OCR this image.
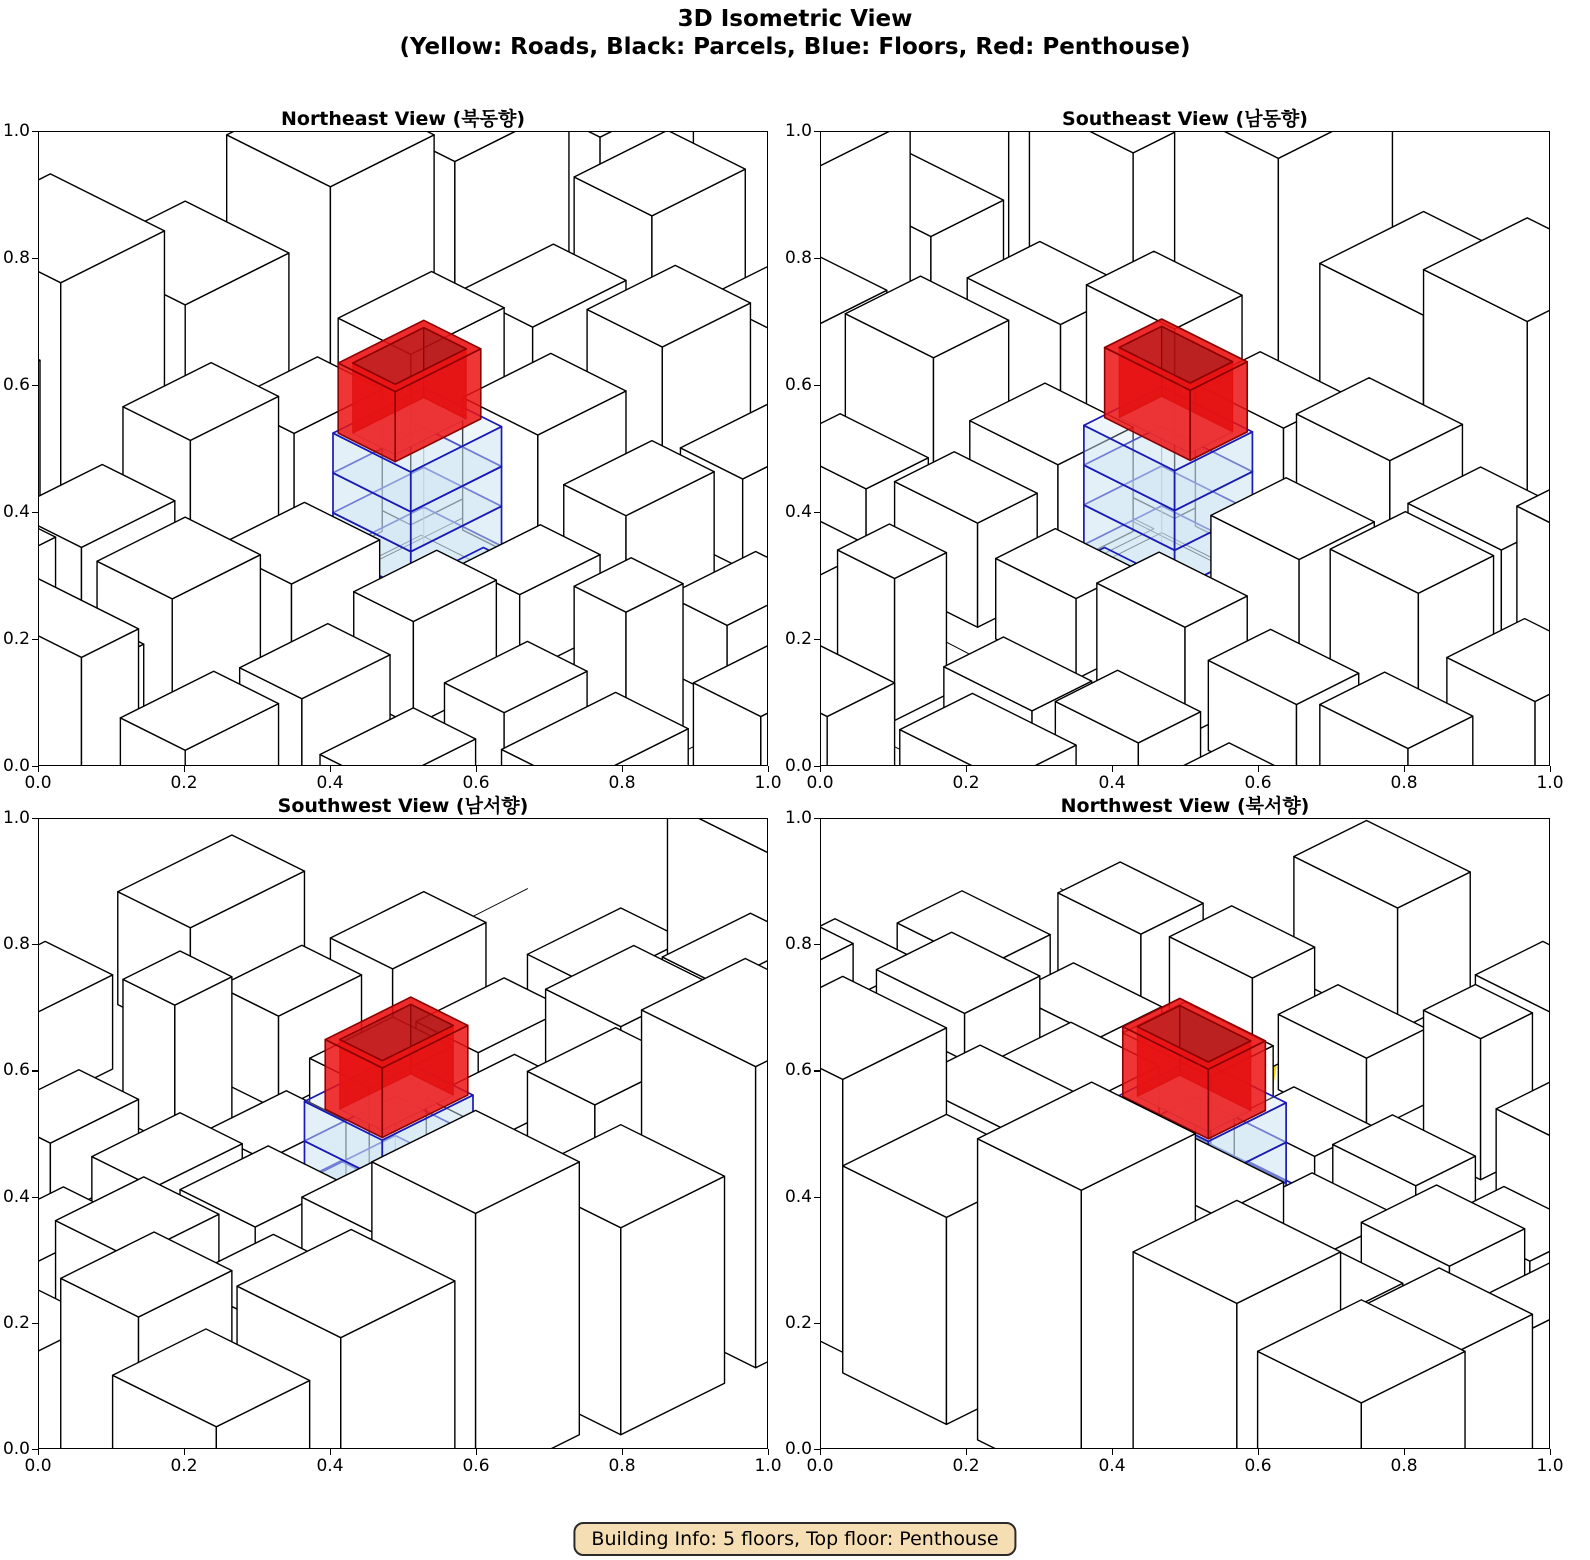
3D Isometric View
(Yellow: Roads, Black: Parcels, Blue: Floors, Red: Penthouse)
Northeast View (북동향)	Southeast View (남동향)
Southwest View (남서향)	Northwest View (북서향)
Building Info: 5 floors, Top floor: Penthouse
0.0
0.0
0.2
0.2
0.4
0.4
0.6
0.6
0.8
0.8
1.0
1.0
0.0
0.0
0.2
0.2
0.4
0.4
0.6
0.6
0.8
0.8
1.0
1.0
0.0
0.0
0.2
0.2
0.4
0.4
0.6
0.6
0.8
0.8
1.0
1.0
0.0
0.0
0.2
0.2
0.4
0.4
0.6
0.6
0.8
0.8
1.0
1.0
